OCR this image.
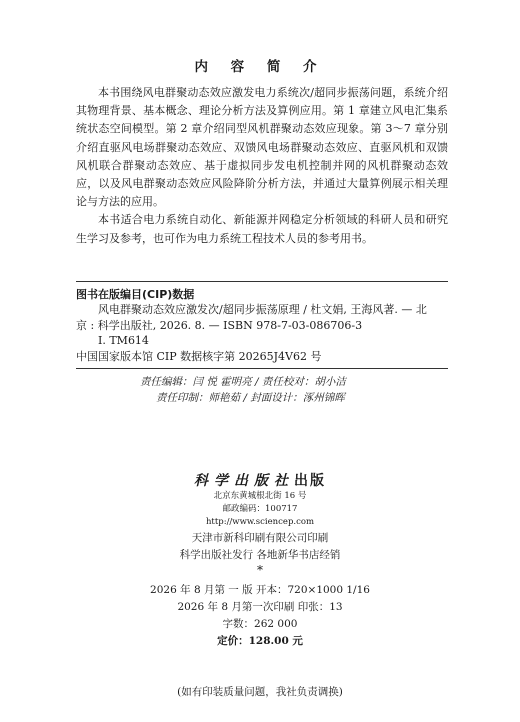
内 容 简 介

本书围绕风电群聚动态效应激发电力系统次/超同步振荡问题，系统介绍其物理背景、基本概念、理论分析方法及算例应用。第 1 章建立风电汇集系统状态空间模型。第 2 章介绍同型风机群聚动态效应现象。第 3～7 章分别介绍直驱风电场群聚动态效应、双馈风电场群聚动态效应、直驱风机和双馈风机联合群聚动态效应、基于虚拟同步发电机控制并网的风机群聚动态效应，以及风电群聚动态效应风险降阶分析方法，并通过大量算例展示相关理论与方法的应用。

本书适合电力系统自动化、新能源并网稳定分析领域的科研人员和研究生学习及参考，也可作为电力系统工程技术人员的参考用书。

图书在版编目(CIP)数据
风电群聚动态效应激发次/超同步振荡原理 / 杜文娟, 王海风著. — 北
京 : 科学出版社, 2026. 8. — ISBN 978-7-03-086706-3
Ⅰ. TM614
中国国家版本馆 CIP 数据核字第 20265J4V62 号
责任编辑：闫 悦 霍明亮 / 责任校对：胡小洁
责任印制：师艳茹 / 封面设计：涿州锦晖
科学出版社出版
北京东黄城根北街 16 号
邮政编码：100717
http://www.sciencep.com
天津市新科印刷有限公司印刷
科学出版社发行 各地新华书店经销
*
2026 年 8 月第 一 版 开本：720×1000 1/16
2026 年 8 月第一次印刷 印张：13
字数：262 000
定价：128.00 元
(如有印装质量问题，我社负责调换)
